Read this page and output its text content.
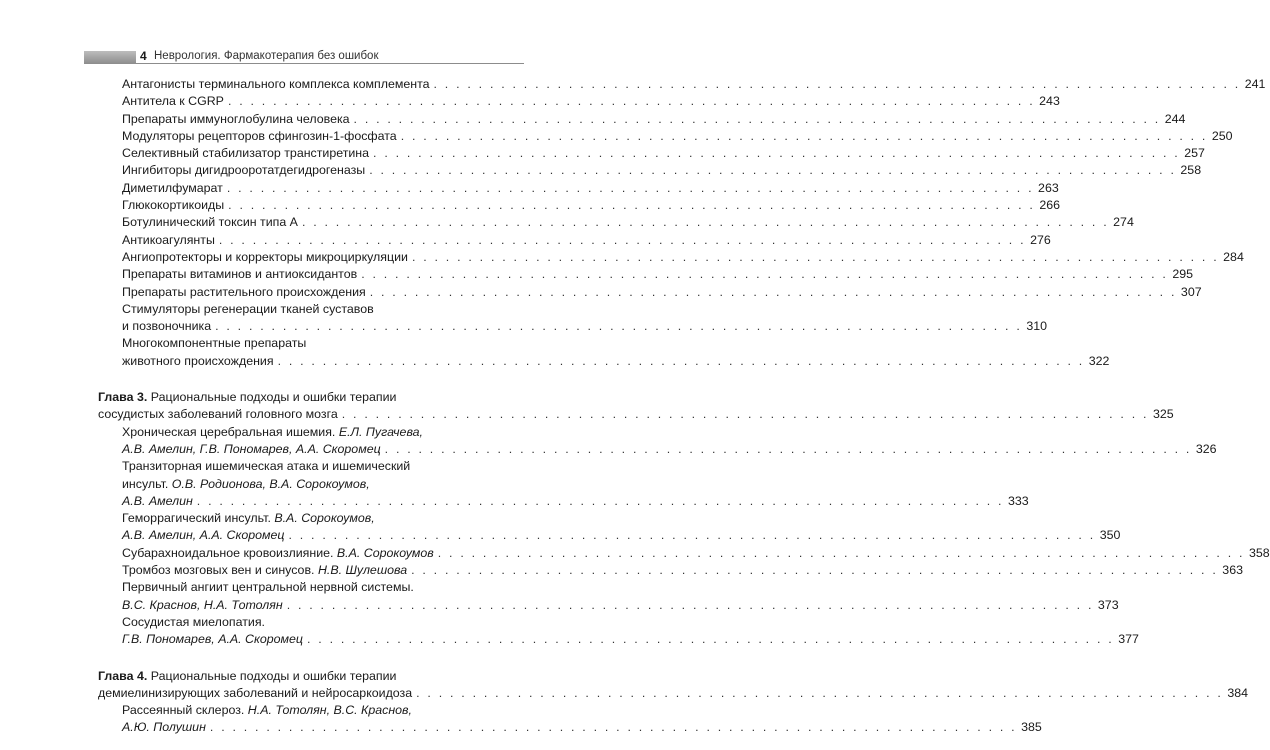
4 Неврология. Фармакотерапия без ошибок
Антагонисты терминального комплекса комплемента . . .	241
Антитела к CGRP . . .	243
Препараты иммуноглобулина человека . . .	244
Модуляторы рецепторов сфингозин-1-фосфата . . .	250
Селективный стабилизатор транстиретина . . .	257
Ингибиторы дигидрооротатдегидрогеназы . . .	258
Диметилфумарат . . .	263
Глюкокортикоиды . . .	266
Ботулинический токсин типа А . . .	274
Антикоагулянты . . .	276
Ангиопротекторы и корректоры микроциркуляции . . .	284
Препараты витаминов и антиоксидантов . . .	295
Препараты растительного происхождения . . .	307
Стимуляторы регенерации тканей суставов
и позвоночника . . .	310
Многокомпонентные препараты
животного происхождения . . .	322
Глава 3. Рациональные подходы и ошибки терапии
сосудистых заболеваний головного мозга . . .	325
Хроническая церебральная ишемия. Е.Л. Пугачева,
А.В. Амелин, Г.В. Пономарев, А.А. Скоромец . . .	326
Транзиторная ишемическая атака и ишемический
инсульт. О.В. Родионова, В.А. Сорокоумов,
А.В. Амелин . . .	333
Геморрагический инсульт. В.А. Сорокоумов,
А.В. Амелин, А.А. Скоромец . . .	350
Субарахноидальное кровоизлияние. В.А. Сорокоумов . . .	358
Тромбоз мозговых вен и синусов. Н.В. Шулешова . . .	363
Первичный ангиит центральной нервной системы.
В.С. Краснов, Н.А. Тотолян . . .	373
Сосудистая миелопатия.
Г.В. Пономарев, А.А. Скоромец . . .	377
Глава 4. Рациональные подходы и ошибки терапии
демиелинизирующих заболеваний и нейросаркоидоза . . .	384
Рассеянный склероз. Н.А. Тотолян, В.С. Краснов,
А.Ю. Полушин . . .	385
